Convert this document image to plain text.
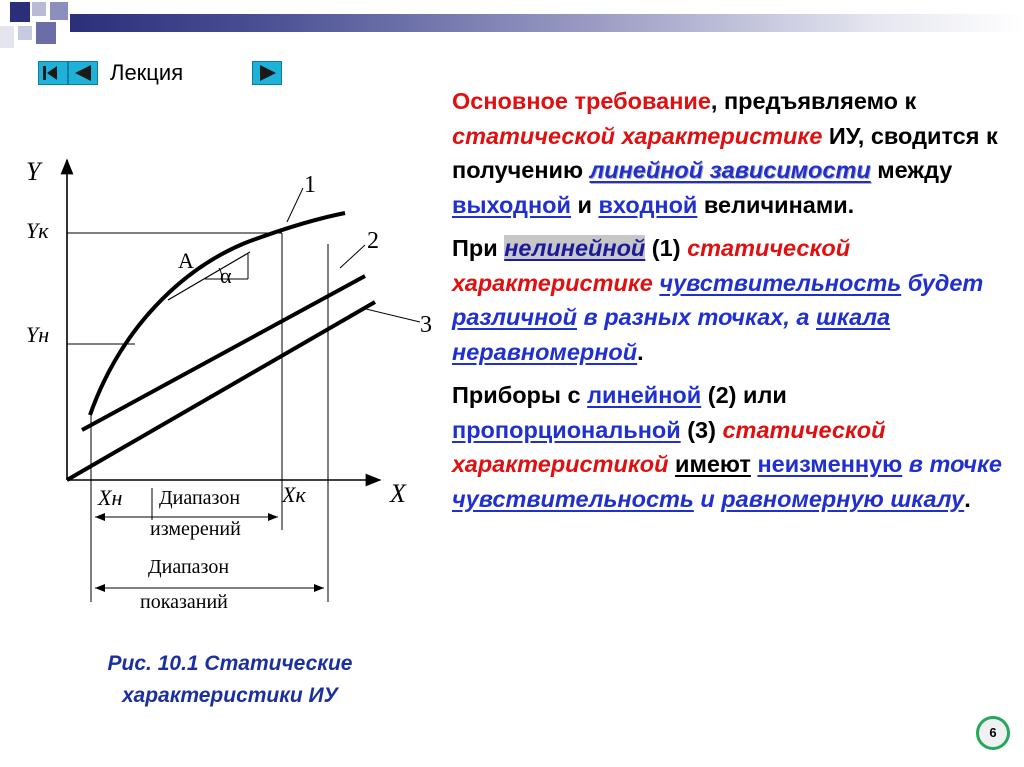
Лекция
Y
X
Yк
Yн
A
α
1
2
3
Xн	Xк
Диапазон
измерений
Диапазон
показаний
Рис. 10.1 Статические
характеристики ИУ

Основное требование, предъявляемо к статической характеристике ИУ, сводится к получению линейной зависимости между выходной и входной величинами.

При нелинейной (1) статической характеристике чувствительность будет различной в разных точках, а шкала неравномерной.

Приборы с линейной (2) или пропорциональной (3) статической характеристикой имеют неизменную в точке чувствительность и равномерную шкалу.

6
